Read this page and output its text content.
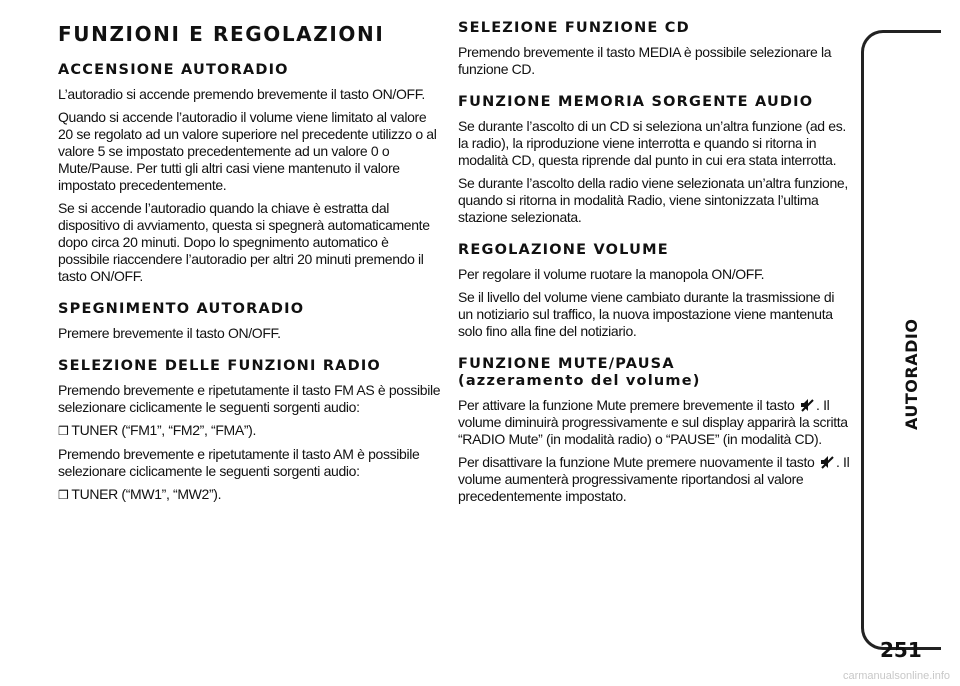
FUNZIONI E REGOLAZIONI
ACCENSIONE AUTORADIO

L’autoradio si accende premendo brevemente il tasto ON/OFF.

Quando si accende l’autoradio il volume viene limitato al valore 20 se regolato ad un valore superiore nel precedente utilizzo o al valore 5 se impostato precedentemente ad un valore 0 o Mute/Pause. Per tutti gli altri casi viene mantenuto il valore impostato precedentemente.

Se si accende l’autoradio quando la chiave è estratta dal dispositivo di avviamento, questa si spegnerà automaticamente dopo circa 20 minuti. Dopo lo spegnimento automatico è possibile riaccendere l’autoradio per altri 20 minuti premendo il tasto ON/OFF.

SPEGNIMENTO AUTORADIO

Premere brevemente il tasto ON/OFF.

SELEZIONE DELLE FUNZIONI RADIO

Premendo brevemente e ripetutamente il tasto FM AS è possibile selezionare ciclicamente le seguenti sorgenti audio:

❒ TUNER (“FM1”, “FM2”, “FMA”).

Premendo brevemente e ripetutamente il tasto AM è possibile selezionare ciclicamente le seguenti sorgenti audio:

❒ TUNER (“MW1”, “MW2”).

SELEZIONE FUNZIONE CD

Premendo brevemente il tasto MEDIA è possibile selezionare la funzione CD.

FUNZIONE MEMORIA SORGENTE AUDIO

Se durante l’ascolto di un CD si seleziona un’altra funzione (ad es. la radio), la riproduzione viene interrotta e quando si ritorna in modalità CD, questa riprende dal punto in cui era stata interrotta.

Se durante l’ascolto della radio viene selezionata un’altra funzione, quando si ritorna in modalità Radio, viene sintonizzata l’ultima stazione selezionata.

REGOLAZIONE VOLUME

Per regolare il volume ruotare la manopola ON/OFF.

Se il livello del volume viene cambiato durante la trasmissione di un notiziario sul traffico, la nuova impostazione viene mantenuta solo fino alla fine del notiziario.

FUNZIONE MUTE/PAUSA
(azzeramento del volume)

Per attivare la funzione Mute premere brevemente il tasto . Il volume diminuirà progressivamente e sul display apparirà la scritta “RADIO Mute” (in modalità radio) o “PAUSE” (in modalità CD).

Per disattivare la funzione Mute premere nuovamente il tasto . Il volume aumenterà progressivamente riportandosi al valore precedentemente impostato.

AUTORADIO
251
carmanualsonline.info
